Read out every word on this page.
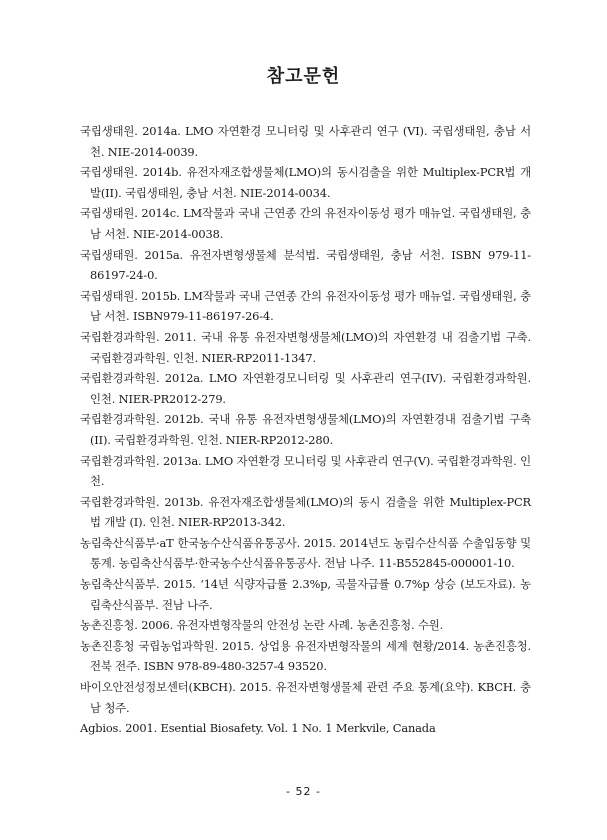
참고문헌
국립생태원. 2014a. LMO 자연환경 모니터링 및 사후관리 연구 (VI). 국립생태원, 충남 서천. NIE-2014-0039.
국립생태원. 2014b. 유전자재조합생물체(LMO)의 동시검출을 위한 Multiplex-PCR법 개발(II). 국립생태원, 충남 서천. NIE-2014-0034.
국립생태원. 2014c. LM작물과 국내 근연종 간의 유전자이동성 평가 매뉴얼. 국립생태원, 충남 서천. NIE-2014-0038.
국립생태원. 2015a. 유전자변형생물체 분석법. 국립생태원, 충남 서천. ISBN 979-11-86197-24-0.
국립생태원. 2015b. LM작물과 국내 근연종 간의 유전자이동성 평가 매뉴얼. 국립생태원, 충남 서천. ISBN979-11-86197-26-4.
국립환경과학원. 2011. 국내 유통 유전자변형생물체(LMO)의 자연환경 내 검출기법 구축. 국립환경과학원. 인천. NIER-RP2011-1347.
국립환경과학원. 2012a. LMO 자연환경모니터링 및 사후관리 연구(IV). 국립환경과학원. 인천. NIER-PR2012-279.
국립환경과학원. 2012b. 국내 유통 유전자변형생물체(LMO)의 자연환경내 검출기법 구축(II). 국립환경과학원. 인천. NIER-RP2012-280.
국립환경과학원. 2013a. LMO 자연환경 모니터링 및 사후관리 연구(V). 국립환경과학원. 인천.
국립환경과학원. 2013b. 유전자재조합생물체(LMO)의 동시 검출을 위한 Multiplex-PCR법 개발 (I). 인천. NIER-RP2013-342.
농림축산식품부·aT 한국농수산식품유통공사. 2015. 2014년도 농림수산식품 수출입동향 및 통계. 농림축산식품부·한국농수산식품유통공사. 전남 나주. 11-B552845-000001-10.
농림축산식품부. 2015. ‘14년 식량자급률 2.3%p, 곡물자급률 0.7%p 상승 (보도자료). 농림축산식품부. 전남 나주.
농촌진흥청. 2006. 유전자변형작물의 안전성 논란 사례. 농촌진흥청. 수원.
농촌진흥청 국립농업과학원. 2015. 상업용 유전자변형작물의 세계 현황/2014. 농촌진흥청. 전북 전주. ISBN 978-89-480-3257-4 93520.
바이오안전성정보센터(KBCH). 2015. 유전자변형생물체 관련 주요 통계(요약). KBCH. 충남 청주.
Agbios. 2001. Esential Biosafety. Vol. 1 No. 1 Merkvile, Canada
- 52 -
